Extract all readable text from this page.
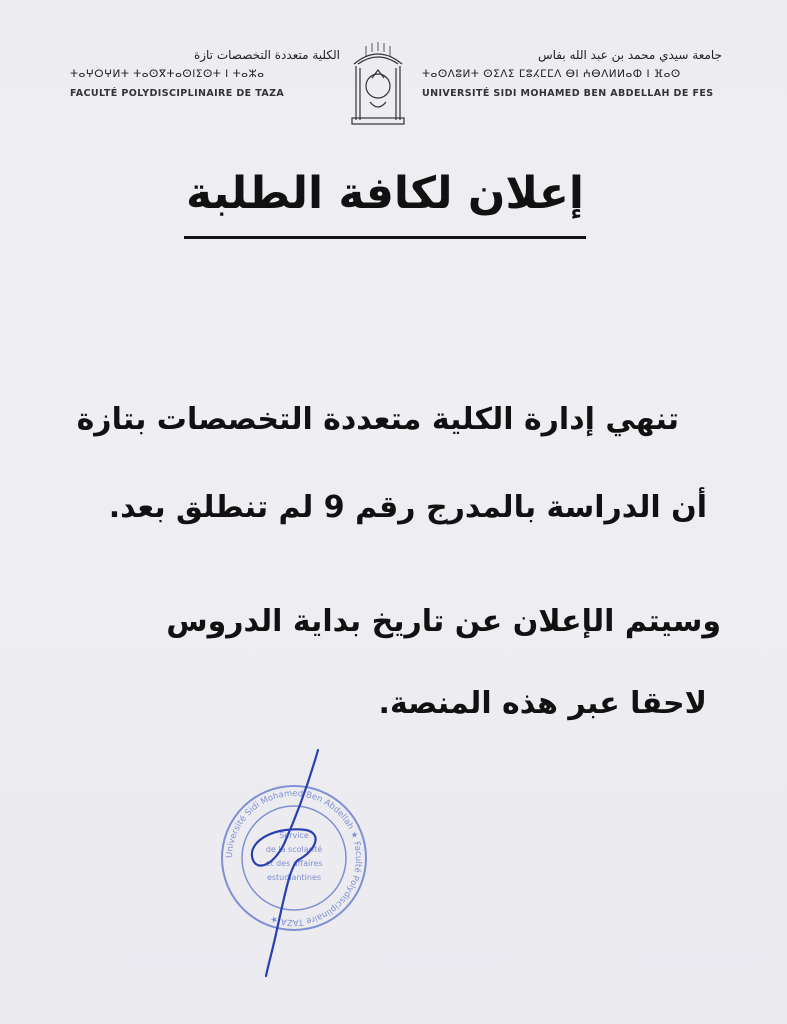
الكلية متعددة التخصصات تازة
ⵜⴰⵖⵔⵖⵍⵜ ⵜⴰⵙⴳⵜⴰⵙⵏⵉⵙⵜ ⵏ ⵜⴰⵣⴰ
FACULTÉ POLYDISCIPLINAIRE DE TAZA
جامعة سيدي محمد بن عبد الله بفاس
ⵜⴰⵙⴷⵓⵍⵜ ⵙⵉⴷⵉ ⵎⵓⵃⵎⵎⴷ ⴱⵏ ⵄⴱⴷⵍⵍⴰⵀ ⵏ ⴼⴰⵙ
UNIVERSITÉ SIDI MOHAMED BEN ABDELLAH DE FES
إعلان لكافة الطلبة
تنهي إدارة الكلية متعددة التخصصات بتازة
أن الدراسة بالمدرج رقم 9 لم تنطلق بعد.
وسيتم الإعلان عن تاريخ بداية الدروس
لاحقا عبر هذه المنصة.
Université Sidi Mohamed Ben Abdellah ★ Faculté Polydisciplinaire TAZA ★
Service
de la scolarité
et des affaires
estudiantines
